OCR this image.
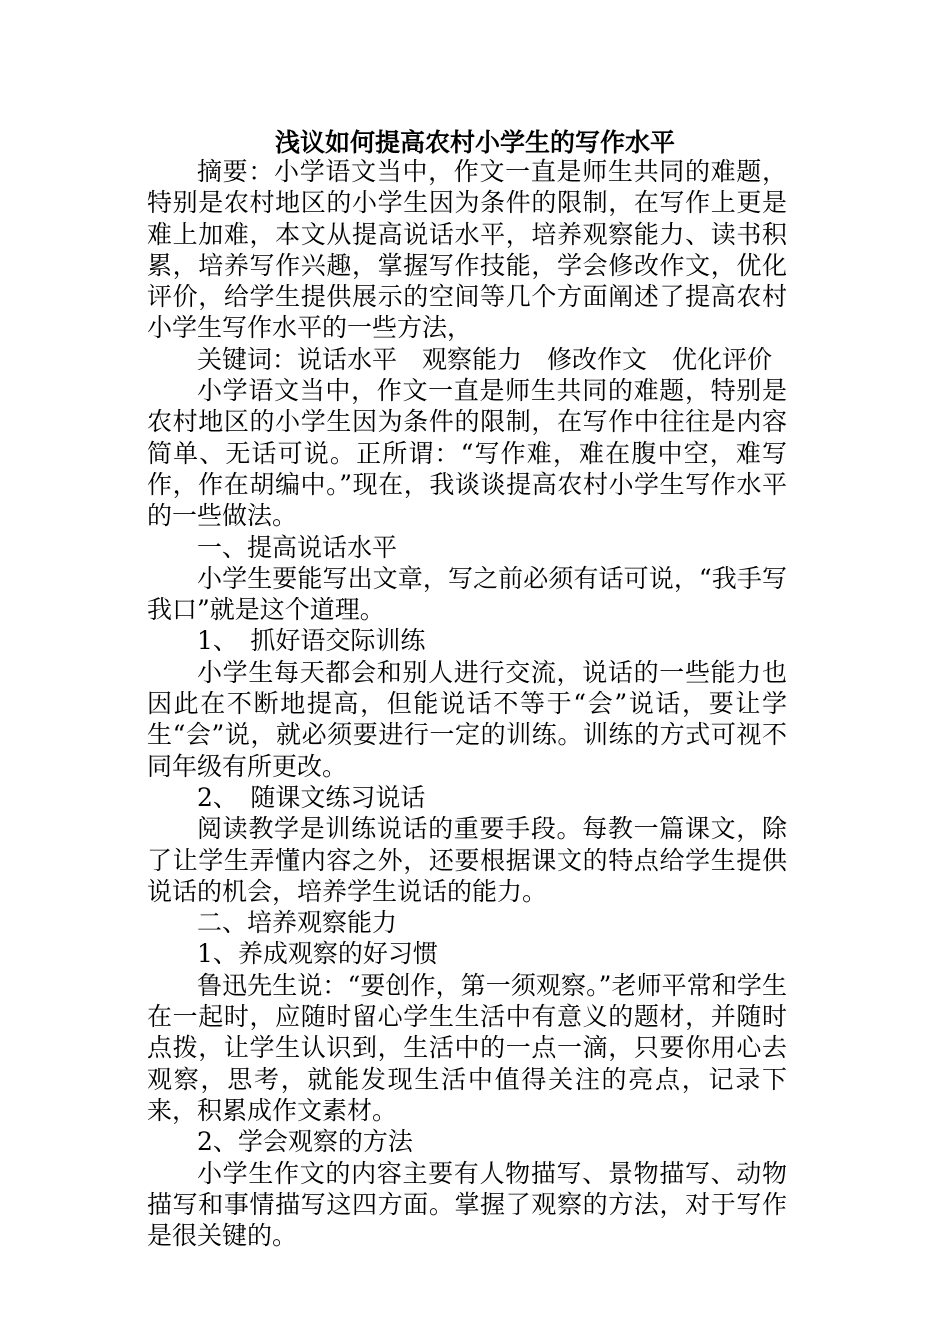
浅议如何提高农村小学生的写作水平

摘要：小学语文当中，作文一直是师生共同的难题，特别是农村地区的小学生因为条件的限制，在写作上更是难上加难，本文从提高说话水平，培养观察能力、读书积累，培养写作兴趣，掌握写作技能，学会修改作文，优化评价，给学生提供展示的空间等几个方面阐述了提高农村小学生写作水平的一些方法，

关键词：说话水平　观察能力　修改作文　优化评价

小学语文当中，作文一直是师生共同的难题，特别是农村地区的小学生因为条件的限制，在写作中往往是内容简单、无话可说。正所谓：“写作难，难在腹中空，难写作，作在胡编中。”现在，我谈谈提高农村小学生写作水平的一些做法。

一、提高说话水平

小学生要能写出文章，写之前必须有话可说，“我手写我口”就是这个道理。

1、　抓好语交际训练

小学生每天都会和别人进行交流，说话的一些能力也因此在不断地提高，但能说话不等于“会”说话，要让学生“会”说，就必须要进行一定的训练。训练的方式可视不同年级有所更改。

2、　随课文练习说话

阅读教学是训练说话的重要手段。每教一篇课文，除了让学生弄懂内容之外，还要根据课文的特点给学生提供说话的机会，培养学生说话的能力。

二、培养观察能力

1、养成观察的好习惯

鲁迅先生说：“要创作，第一须观察。”老师平常和学生在一起时，应随时留心学生生活中有意义的题材，并随时点拨，让学生认识到，生活中的一点一滴，只要你用心去观察，思考，就能发现生活中值得关注的亮点，记录下来，积累成作文素材。

2、学会观察的方法

小学生作文的内容主要有人物描写、景物描写、动物描写和事情描写这四方面。掌握了观察的方法，对于写作是很关键的。
